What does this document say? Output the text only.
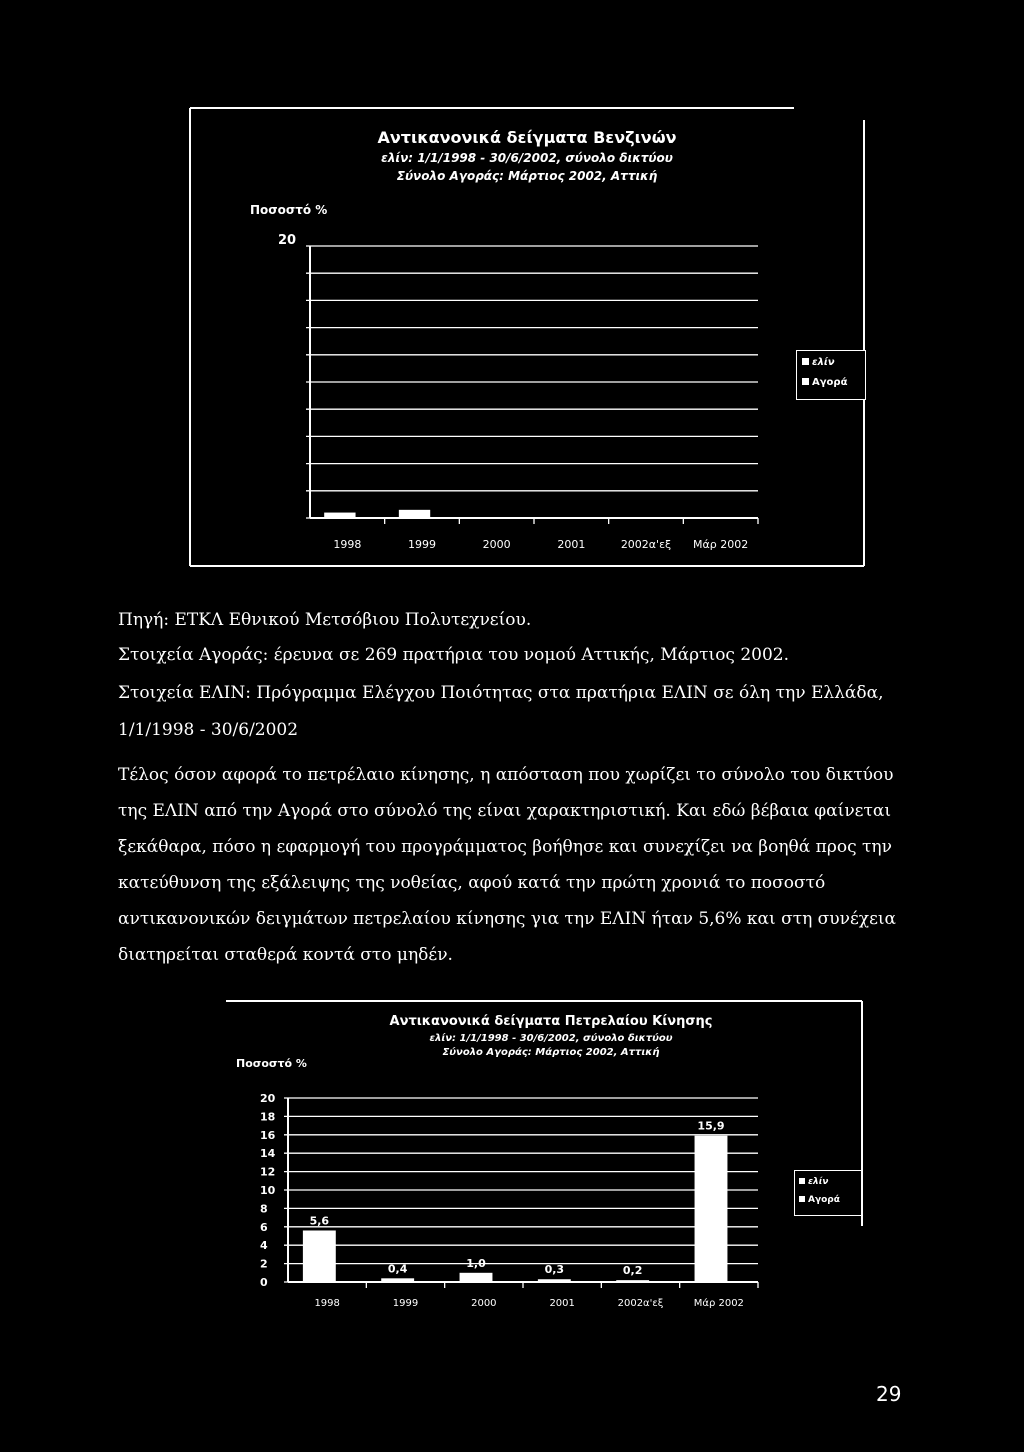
Αντικανονικά δείγματα Βενζινών
ελίν: 1/1/1998 - 30/6/2002, σύνολο δικτύου
Σύνολο Αγοράς: Μάρτιος 2002, Αττική
Ποσοστό %
20
1998	1999	2000	2001	2002α'εξ Μάρ 2002
ελίν
Αγορά
Πηγή: ΕΤΚΛ Εθνικού Μετσόβιου Πολυτεχνείου.
Στοιχεία Αγοράς: έρευνα σε 269 πρατήρια του νομού Αττικής, Μάρτιος 2002.
Στοιχεία ΕΛΙΝ: Πρόγραμμα Ελέγχου Ποιότητας στα πρατήρια ΕΛΙΝ σε όλη την Ελλάδα,
1/1/1998 - 30/6/2002
Τέλος όσον αφορά το πετρέλαιο κίνησης, η απόσταση που χωρίζει το σύνολο του δικτύου
της ΕΛΙΝ από την Αγορά στο σύνολό της είναι χαρακτηριστική. Και εδώ βέβαια φαίνεται
ξεκάθαρα, πόσο η εφαρμογή του προγράμματος βοήθησε και συνεχίζει να βοηθά προς την
κατεύθυνση της εξάλειψης της νοθείας, αφού κατά την πρώτη χρονιά το ποσοστό
αντικανονικών δειγμάτων πετρελαίου κίνησης για την ΕΛΙΝ ήταν 5,6% και στη συνέχεια
διατηρείται σταθερά κοντά στο μηδέν.
Αντικανονικά δείγματα Πετρελαίου Κίνησης
ελίν: 1/1/1998 - 30/6/2002, σύνολο δικτύου
Σύνολο Αγοράς: Μάρτιος 2002, Αττική
Ποσοστό %
20
18
16
14
12
10
8
6
4
2
0
5,6
0,4	1,0	0,3	0,2
15,9
1998	1999	2000	2001	2002α'εξ	Μάρ 2002
ελίν
Αγορά
29
